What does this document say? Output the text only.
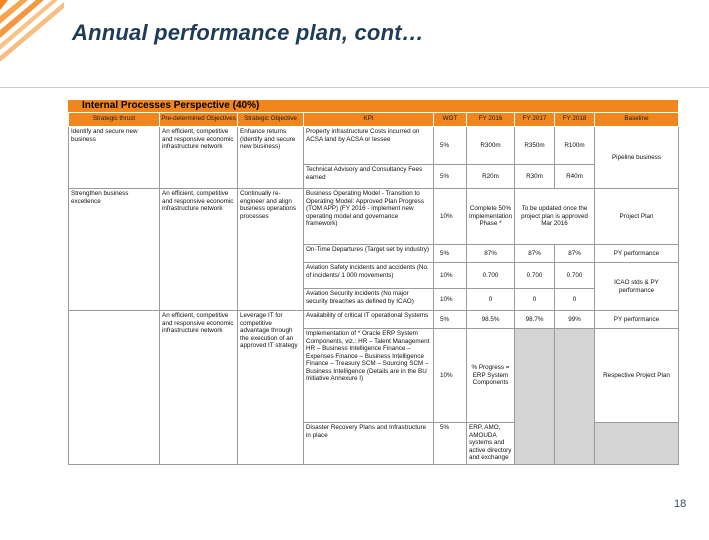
Annual performance plan, cont…
Internal Processes Perspective (40%)
Strategic thrust	Pre-determined Objectives	Strategic Objective	KPI	WGT	FY 2016	FY 2017	FY 2018	Baseline
Identify and secure new business	An efficient, competitive and responsive economic infrastructure network	Enhance returns (Identify and secure new business)	Property infrastructure Costs incurred on ACSA land by ACSA or lessee	5%	R300m	R350m	R100m	Pipeline business
			Technical Advisory and Consultancy Fees earned	5%	R20m	R30m	R40m	
Strengthen business excellence	An efficient, competitive and responsive economic infrastructure network	Continually re-engineer and align business operations processes	Business Operating Model - Transition to Operating Model: Approved Plan Progress (TOM APP) (FY 2016 - implement new operating model and governance framework)	10%	Complete 50% Implementation Phase *	To be updated once the project plan is approved Mar 2016		Project Plan
			On-Time Departures (Target set by industry)	5%	87%	87%	87%	PY performance
			Aviation Safety incidents and accidents (No. of incidents/ 1 000 movements)	10%	0.700	0.700	0.700	ICAO stds & PY performance
			Aviation Security incidents (No major security breaches as defined by ICAO)	10%	0	0	0	
	An efficient, competitive and responsive economic infrastructure network	Leverage IT for competitive advantage through the execution of an approved IT strategy	Availability of critical IT operational Systems	5%	98.5%	98.7%	99%	PY performance
			Implementation of * Oracle ERP System Components, viz.: HR – Talent Management HR – Business Intelligence Finance – Expenses Finance – Business Intelligence Finance – Treasury SCM – Sourcing SCM – Business Intelligence (Details are in the BU Initiative Annexure I)	10%	% Progress = ERP System Components			Respective Project Plan
			Disaster Recovery Plans and Infrastructure in place	5%	ERP, AMO, AMOUDA systems and active directory and exchange			
18
